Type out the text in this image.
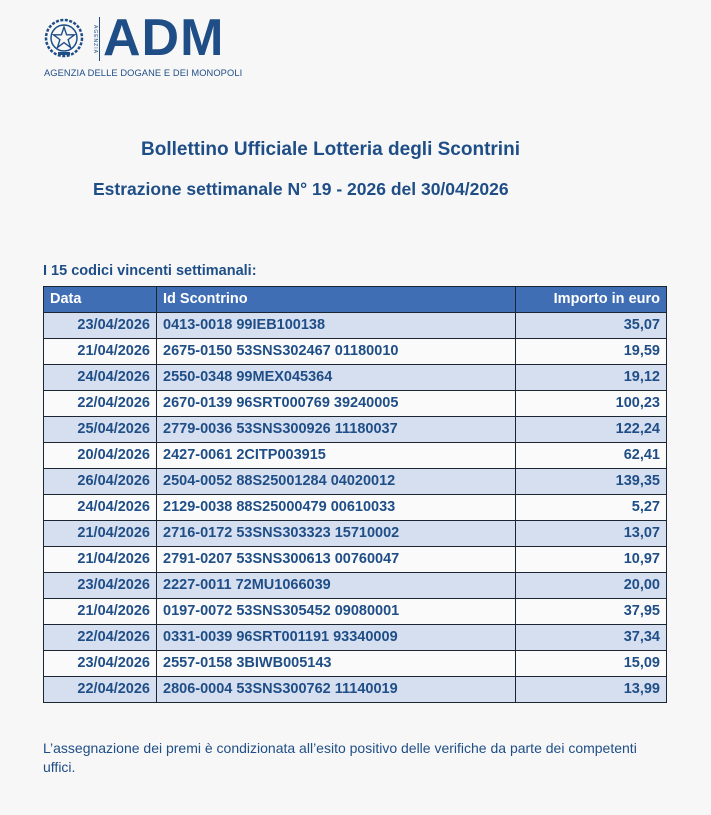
AGENZIA ADM
AGENZIA DELLE DOGANE E DEI MONOPOLI
Bollettino Ufficiale Lotteria degli Scontrini
Estrazione settimanale N° 19 - 2026 del 30/04/2026
I 15 codici vincenti settimanali:
Data	Id Scontrino	Importo in euro
23/04/2026	0413-0018 99IEB100138	35,07
21/04/2026	2675-0150 53SNS302467 01180010	19,59
24/04/2026	2550-0348 99MEX045364	19,12
22/04/2026	2670-0139 96SRT000769 39240005	100,23
25/04/2026	2779-0036 53SNS300926 11180037	122,24
20/04/2026	2427-0061 2CITP003915	62,41
26/04/2026	2504-0052 88S25001284 04020012	139,35
24/04/2026	2129-0038 88S25000479 00610033	5,27
21/04/2026	2716-0172 53SNS303323 15710002	13,07
21/04/2026	2791-0207 53SNS300613 00760047	10,97
23/04/2026	2227-0011 72MU1066039	20,00
21/04/2026	0197-0072 53SNS305452 09080001	37,95
22/04/2026	0331-0039 96SRT001191 93340009	37,34
23/04/2026	2557-0158 3BIWB005143	15,09
22/04/2026	2806-0004 53SNS300762 11140019	13,99
L’assegnazione dei premi è condizionata all’esito positivo delle verifiche da parte dei competenti uffici.
